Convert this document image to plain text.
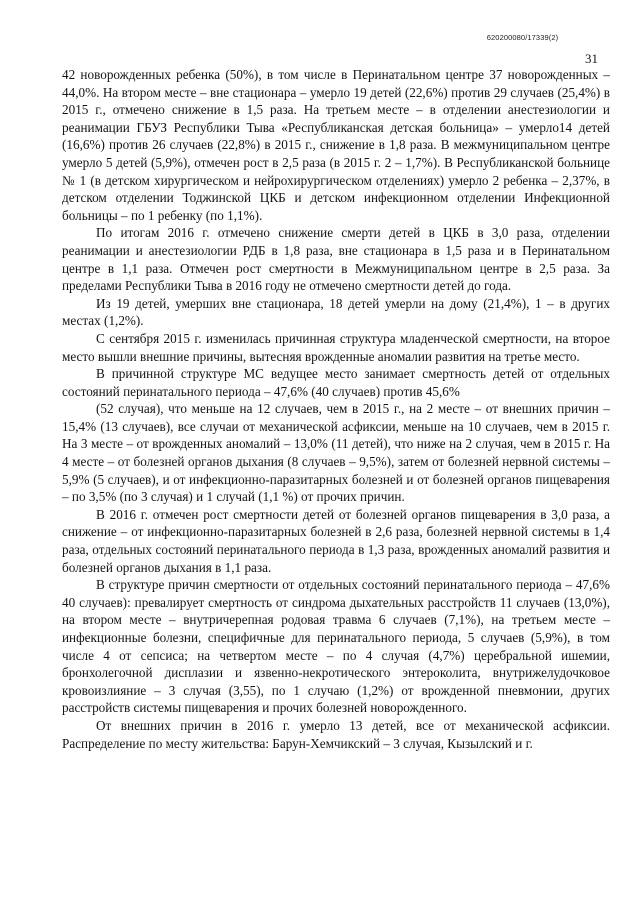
620200080/17339(2)
31

42 новорожденных ребенка (50%), в том числе в Перинатальном центре 37 новорожденных – 44,0%. На втором месте – вне стационара – умерло 19 детей (22,6%) против 29 случаев (25,4%) в 2015 г., отмечено снижение в 1,5 раза. На третьем месте – в отделении анестезиологии и реанимации ГБУЗ Республики Тыва «Республиканская детская больница» – умерло14 детей (16,6%) против 26 случаев (22,8%) в 2015 г., снижение в 1,8 раза. В межмуниципальном центре умерло 5 детей (5,9%), отмечен рост в 2,5 раза (в 2015 г. 2 – 1,7%). В Республиканской больнице № 1 (в детском хирургическом и нейрохирургическом отделениях) умерло 2 ребенка – 2,37%, в детском отделении Тоджинской ЦКБ и детском инфекционном отделении Инфекционной больницы – по 1 ребенку (по 1,1%).

По итогам 2016 г. отмечено снижение смерти детей в ЦКБ в 3,0 раза, отделении реанимации и анестезиологии РДБ в 1,8 раза, вне стационара в 1,5 раза и в Перинатальном центре в 1,1 раза. Отмечен рост смертности в Межмуниципальном центре в 2,5 раза. За пределами Республики Тыва в 2016 году не отмечено смертности детей до года.

Из 19 детей, умерших вне стационара, 18 детей умерли на дому (21,4%), 1 – в других местах (1,2%).

С сентября 2015 г. изменилась причинная структура младенческой смертности, на второе место вышли внешние причины, вытесняя врожденные аномалии развития на третье место.

В причинной структуре МС ведущее место занимает смертность детей от отдельных состояний перинатального периода – 47,6% (40 случаев) против 45,6%

(52 случая), что меньше на 12 случаев, чем в 2015 г., на 2 месте – от внешних причин – 15,4% (13 случаев), все случаи от механической асфиксии, меньше на 10 случаев, чем в 2015 г. На 3 месте – от врожденных аномалий – 13,0% (11 детей), что ниже на 2 случая, чем в 2015 г. На 4 месте – от болезней органов дыхания (8 случаев – 9,5%), затем от болезней нервной системы – 5,9% (5 случаев), и от инфекционно-паразитарных болезней и от болезней органов пищеварения – по 3,5% (по 3 случая) и 1 случай (1,1 %) от прочих причин.

В 2016 г. отмечен рост смертности детей от болезней органов пищеварения в 3,0 раза, а снижение – от инфекционно-паразитарных болезней в 2,6 раза, болезней нервной системы в 1,4 раза, отдельных состояний перинатального периода в 1,3 раза, врожденных аномалий развития и болезней органов дыхания в 1,1 раза.

В структуре причин смертности от отдельных состояний перинатального периода – 47,6% 40 случаев): превалирует смертность от синдрома дыхательных расстройств 11 случаев (13,0%), на втором месте – внутричерепная родовая травма 6 случаев (7,1%), на третьем месте – инфекционные болезни, специфичные для перинатального периода, 5 случаев (5,9%), в том числе 4 от сепсиса; на четвертом месте – по 4 случая (4,7%) церебральной ишемии, бронхолегочной дисплазии и язвенно-некротического энтероколита, внутрижелудочковое кровоизлияние – 3 случая (3,55), по 1 случаю (1,2%) от врожденной пневмонии, других расстройств системы пищеварения и прочих болезней новорожденного.

От внешних причин в 2016 г. умерло 13 детей, все от механической асфиксии. Распределение по месту жительства: Барун-Хемчикский – 3 случая, Кызылский и г.
